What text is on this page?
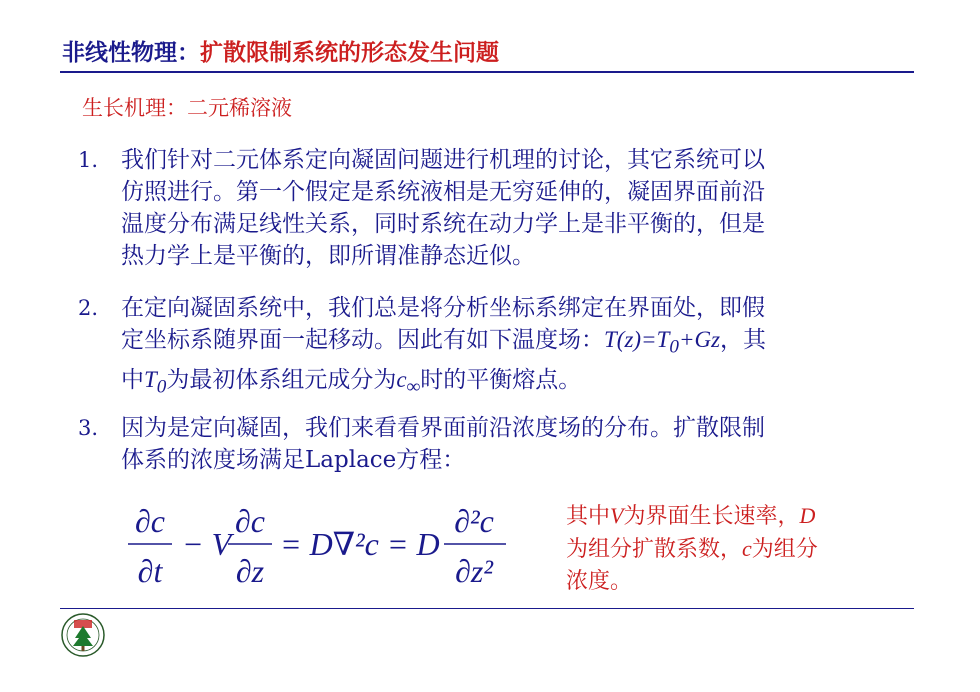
非线性物理：扩散限制系统的形态发生问题
生长机理：二元稀溶液
1. 我们针对二元体系定向凝固问题进行机理的讨论，其它系统可以
仿照进行。第一个假定是系统液相是无穷延伸的，凝固界面前沿
温度分布满足线性关系，同时系统在动力学上是非平衡的，但是
热力学上是平衡的，即所谓准静态近似。
2. 在定向凝固系统中，我们总是将分析坐标系绑定在界面处，即假
定坐标系随界面一起移动。因此有如下温度场：$T(z)=T_0+Gz$，其
中$T_0$为最初体系组元成分为$c_\infty$时的平衡熔点。
3. 因为是定向凝固，我们来看看界面前沿浓度场的分布。扩散限制
体系的浓度场满足Laplace方程：
∂c
∂t
− V
∂c
∂z
= D∇²c = D
∂²c
∂z²
其中V为界面生长速率，D
为组分扩散系数，c为组分
浓度。
